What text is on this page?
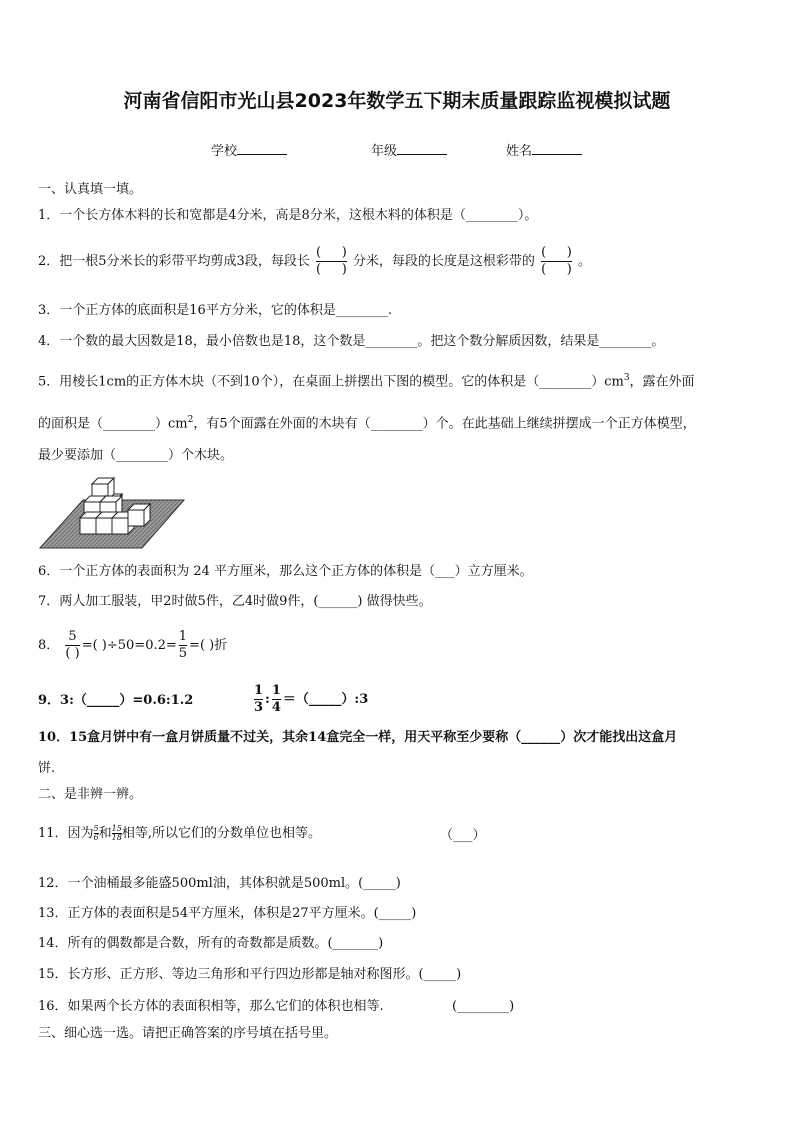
河南省信阳市光山县2023年数学五下期末质量跟踪监视模拟试题
学校	年级	姓名
一、认真填一填。
1．一个长方体木料的长和宽都是4分米，高是8分米，这根木料的体积是（________）。
2．把一根5分米长的彩带平均剪成3段，每段长 $\frac{( )}{( )}$ 分米，每段的长度是这根彩带的 $\frac{( )}{( )}$ 。
3．一个正方体的底面积是16平方分米，它的体积是________.
4．一个数的最大因数是18，最小倍数也是18，这个数是________。把这个数分解质因数，结果是________。
5．用棱长1cm的正方体木块（不到10个），在桌面上拼摆出下图的模型。它的体积是$(\_\_\_\_\_\_\_\_)cm^3$，露在外面
的面积是$(\_\_\_\_\_\_\_\_)cm^2$，有5个面露在外面的木块有（________）个。在此基础上继续拼摆成一个正方体模型，
最少要添加（________）个木块。
6．一个正方体的表面积为 24 平方厘米，那么这个正方体的体积是（___）立方厘米。
7．两人加工服装，甲2时做5件，乙4时做9件，(______) 做得快些。
8． $\frac{5}{( )}$ =( )$\div 50=0.2= \frac{1}{5}$ =( )折
9．3:（_____）=0.6:1.2	$\frac{1}{3}$ : $\frac{1}{4}$ ＝（_____）:3
10．15盒月饼中有一盒月饼质量不过关，其余14盒完全一样，用天平称至少要称（______）次才能找出这盒月
饼.
二、是非辨一辨。
11．因为 $\frac{5}{6}$ 和 $\frac{15}{18}$ 相等,所以它们的分数单位也相等。	（___）
12．一个油桶最多能盛500ml油，其体积就是500ml。(_____)
13．正方体的表面积是54平方厘米，体积是27平方厘米。(_____)
14．所有的偶数都是合数，所有的奇数都是质数。(_______)
15．长方形、正方形、等边三角形和平行四边形都是轴对称图形。(_____)
16．如果两个长方体的表面积相等，那么它们的体积也相等.	(________)
三、细心选一选。请把正确答案的序号填在括号里。
